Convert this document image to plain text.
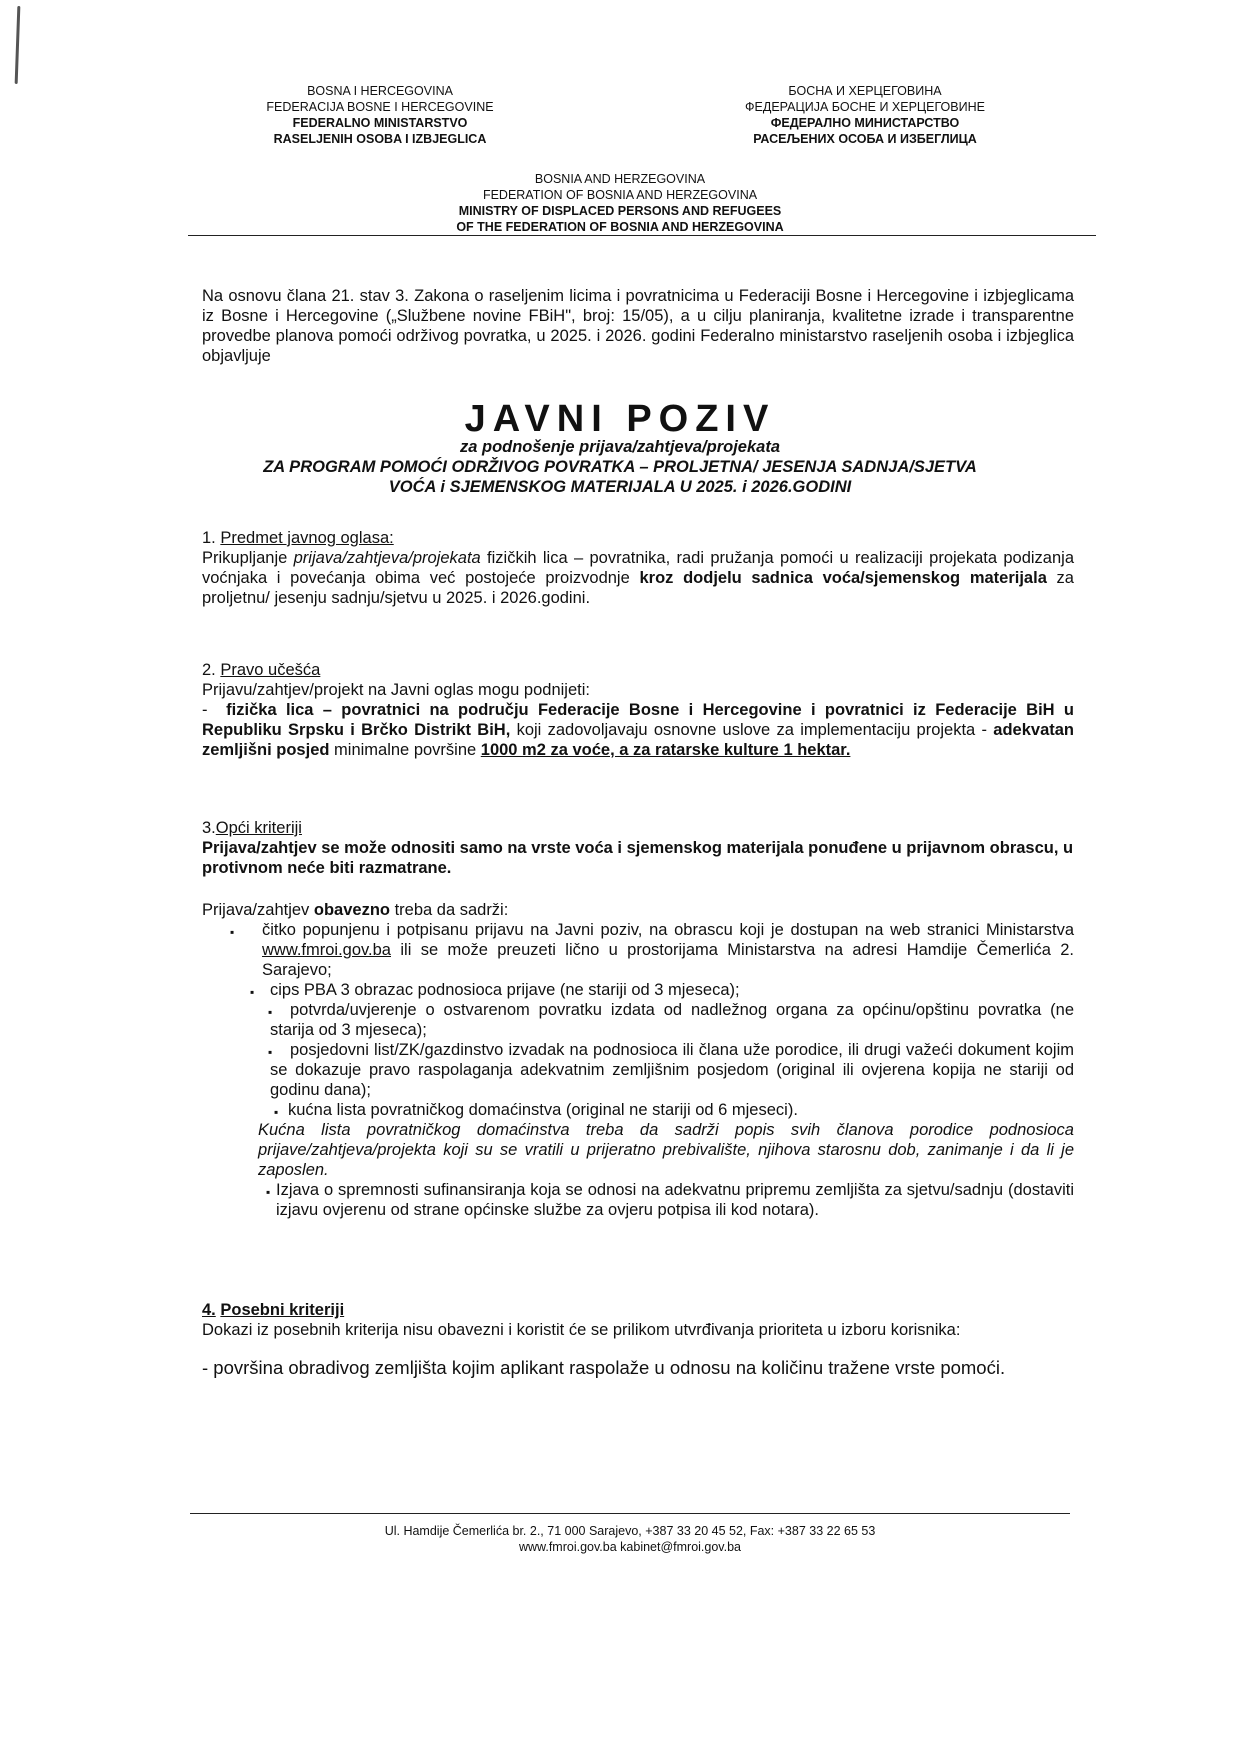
BOSNA I HERCEGOVINA
FEDERACIJA BOSNE I HERCEGOVINE
FEDERALNO MINISTARSTVO
RASELJENIH OSOBA I IZBJEGLICA
БОСНА И ХЕРЦЕГОВИНА
ФЕДЕРАЦИЈА БОСНЕ И ХЕРЦЕГОВИНЕ
ФЕДЕРАЛНО МИНИСТАРСТВО
РАСЕЉЕНИХ ОСОБА И ИЗБЕГЛИЦА
BOSNIA AND HERZEGOVINA
FEDERATION OF BOSNIA AND HERZEGOVINA
MINISTRY OF DISPLACED PERSONS AND REFUGEES
OF THE FEDERATION OF BOSNIA AND HERZEGOVINA

Na osnovu člana 21. stav 3. Zakona o raseljenim licima i povratnicima u Federaciji Bosne i Hercegovine i izbjeglicama iz Bosne i Hercegovine („Službene novine FBiH", broj: 15/05), a u cilju planiranja, kvalitetne izrade i transparentne provedbe planova pomoći održivog povratka, u 2025. i 2026. godini Federalno ministarstvo raseljenih osoba i izbjeglica objavljuje

JAVNI POZIV
za podnošenje prijava/zahtjeva/projekata
ZA PROGRAM POMOĆI ODRŽIVOG POVRATKA – PROLJETNA/ JESENJA SADNJA/SJETVA
VOĆA i SJEMENSKOG MATERIJALA U 2025. i 2026.GODINI

1. Predmet javnog oglasa:

Prikupljanje prijava/zahtjeva/projekata fizičkih lica – povratnika, radi pružanja pomoći u realizaciji projekata podizanja voćnjaka i povećanja obima već postojeće proizvodnje kroz dodjelu sadnica voća/sjemenskog materijala za proljetnu/ jesenju sadnju/sjetvu u 2025. i 2026.godini.

2. Pravo učešća

Prijavu/zahtjev/projekt na Javni oglas mogu podnijeti:

- fizička lica – povratnici na području Federacije Bosne i Hercegovine i povratnici iz Federacije BiH u Republiku Srpsku i Brčko Distrikt BiH, koji zadovoljavaju osnovne uslove za implementaciju projekta - adekvatan zemljišni posjed minimalne površine 1000 m2 za voće, a za ratarske kulture 1 hektar.

3.Opći kriteriji

Prijava/zahtjev se može odnositi samo na vrste voća i sjemenskog materijala ponuđene u prijavnom obrascu, u protivnom neće biti razmatrane.

Prijava/zahtjev obavezno treba da sadrži:

▪ čitko popunjenu i potpisanu prijavu na Javni poziv, na obrascu koji je dostupan na web stranici Ministarstva www.fmroi.gov.ba ili se može preuzeti lično u prostorijama Ministarstva na adresi Hamdije Čemerlića 2. Sarajevo;
▪ cips PBA 3 obrazac podnosioca prijave (ne stariji od 3 mjeseca);
▪ potvrda/uvjerenje o ostvarenom povratku izdata od nadležnog organa za općinu/opštinu povratka (ne starija od 3 mjeseca);
▪ posjedovni list/ZK/gazdinstvo izvadak na podnosioca ili člana uže porodice, ili drugi važeći dokument kojim se dokazuje pravo raspolaganja adekvatnim zemljišnim posjedom (original ili ovjerena kopija ne stariji od godinu dana);
▪ kućna lista povratničkog domaćinstva (original ne stariji od 6 mjeseci).

Kućna lista povratničkog domaćinstva treba da sadrži popis svih članova porodice podnosioca prijave/zahtjeva/projekta koji su se vratili u prijeratno prebivalište, njihova starosnu dob, zanimanje i da li je zaposlen.

▪ Izjava o spremnosti sufinansiranja koja se odnosi na adekvatnu pripremu zemljišta za sjetvu/sadnju (dostaviti izjavu ovjerenu od strane općinske službe za ovjeru potpisa ili kod notara).

4. Posebni kriteriji

Dokazi iz posebnih kriterija nisu obavezni i koristit će se prilikom utvrđivanja prioriteta u izboru korisnika:

- površina obradivog zemljišta kojim aplikant raspolaže u odnosu na količinu tražene vrste pomoći.

Ul. Hamdije Čemerlića br. 2., 71 000 Sarajevo, +387 33 20 45 52, Fax: +387 33 22 65 53
www.fmroi.gov.ba kabinet@fmroi.gov.ba
